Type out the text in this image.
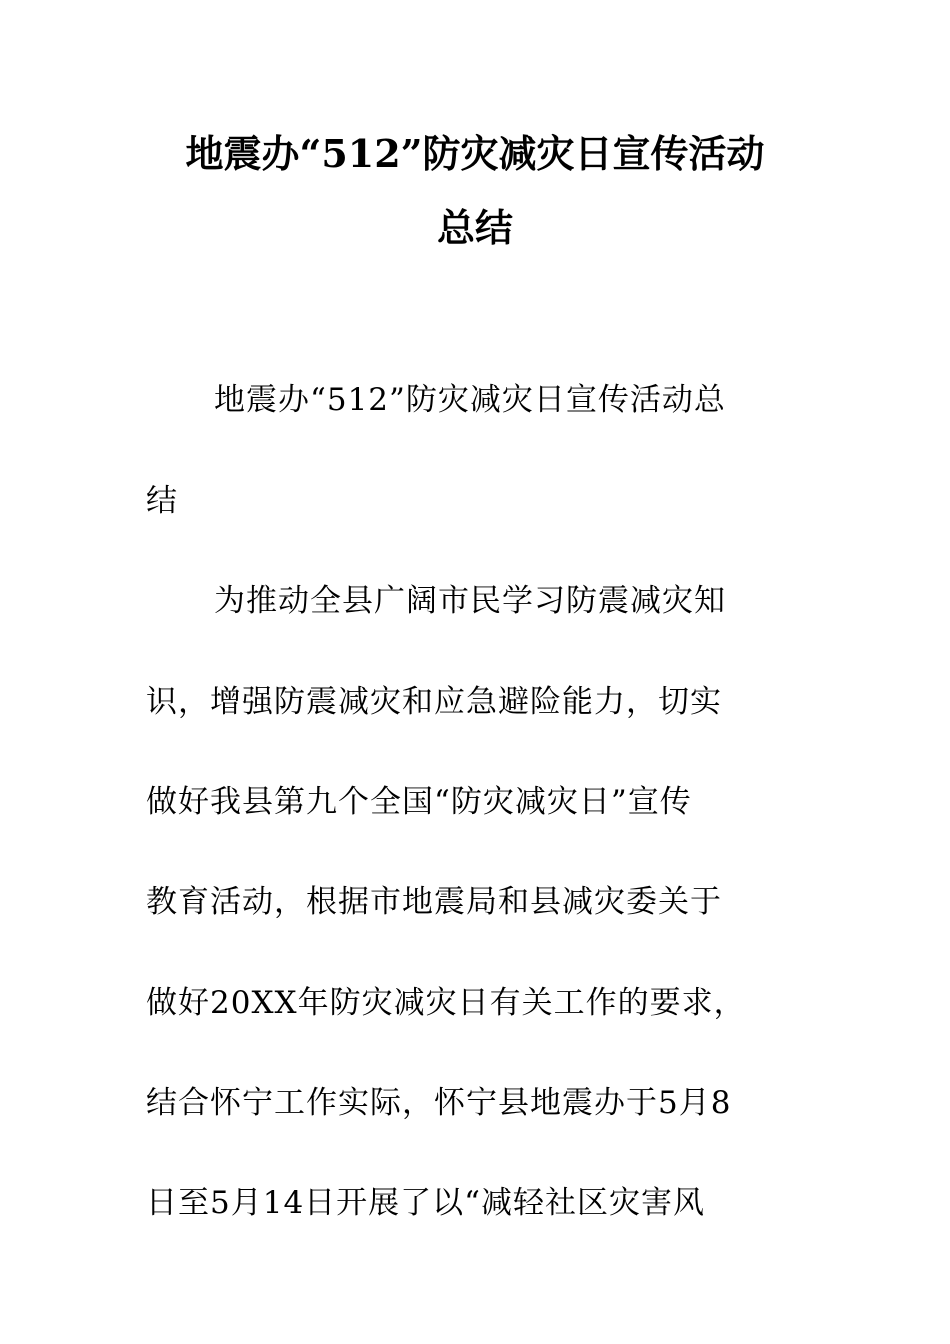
地震办“512”防灾减灾日宣传活动
总结
地震办“512”防灾减灾日宣传活动总
结
为推动全县广阔市民学习防震减灾知
识，增强防震减灾和应急避险能力，切实
做好我县第九个全国“防灾减灾日”宣传
教育活动，根据市地震局和县减灾委关于
做好20XX年防灾减灾日有关工作的要求，
结合怀宁工作实际，怀宁县地震办于5月8
日至5月14日开展了以“减轻社区灾害风
